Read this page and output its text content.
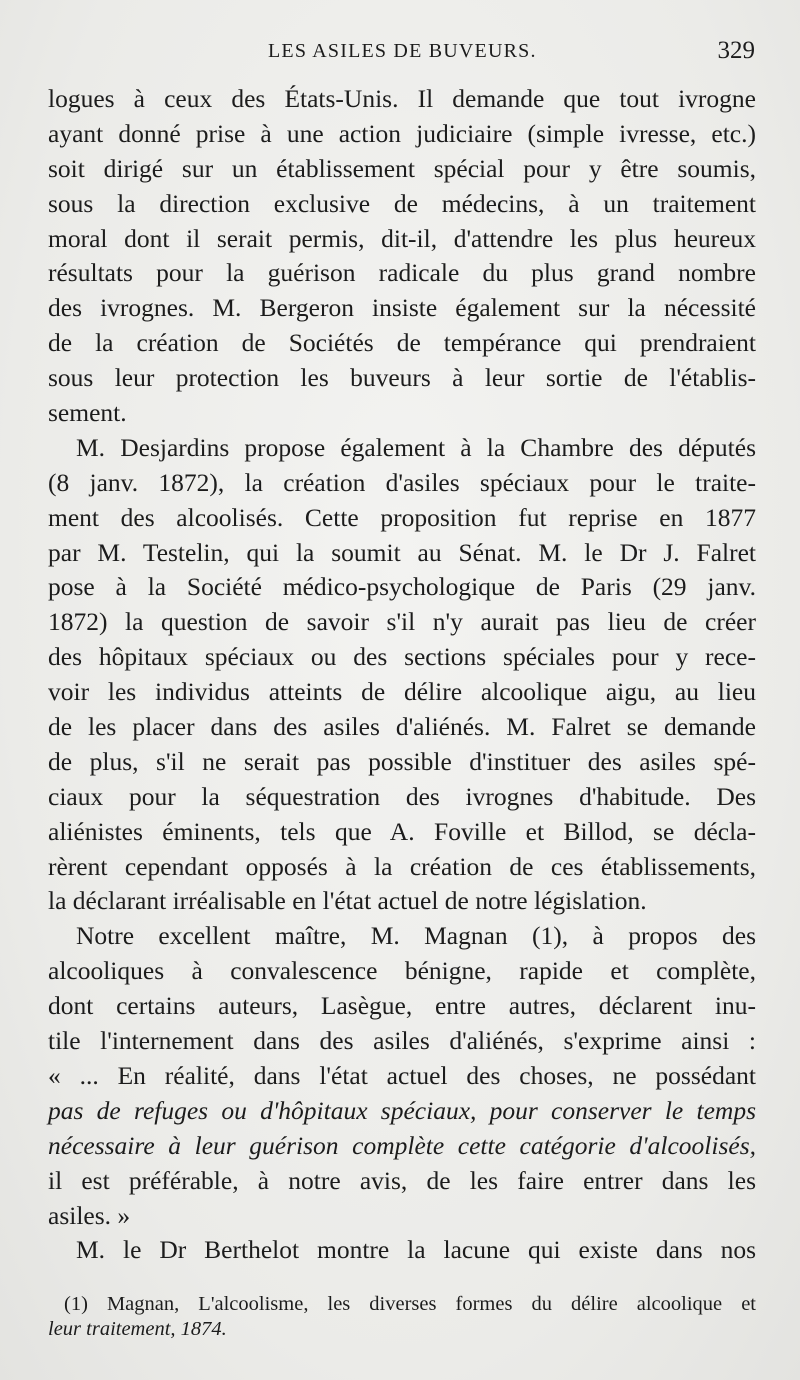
LES ASILES DE BUVEURS.	329
logues à ceux des États-Unis. Il demande que tout ivrogne
ayant donné prise à une action judiciaire (simple ivresse, etc.)
soit dirigé sur un établissement spécial pour y être soumis,
sous la direction exclusive de médecins, à un traitement
moral dont il serait permis, dit-il, d'attendre les plus heureux
résultats pour la guérison radicale du plus grand nombre
des ivrognes. M. Bergeron insiste également sur la nécessité
de la création de Sociétés de tempérance qui prendraient
sous leur protection les buveurs à leur sortie de l'établis-
sement.
M. Desjardins propose également à la Chambre des députés
(8 janv. 1872), la création d'asiles spéciaux pour le traite-
ment des alcoolisés. Cette proposition fut reprise en 1877
par M. Testelin, qui la soumit au Sénat. M. le Dr J. Falret
pose à la Société médico-psychologique de Paris (29 janv.
1872) la question de savoir s'il n'y aurait pas lieu de créer
des hôpitaux spéciaux ou des sections spéciales pour y rece-
voir les individus atteints de délire alcoolique aigu, au lieu
de les placer dans des asiles d'aliénés. M. Falret se demande
de plus, s'il ne serait pas possible d'instituer des asiles spé-
ciaux pour la séquestration des ivrognes d'habitude. Des
aliénistes éminents, tels que A. Foville et Billod, se décla-
rèrent cependant opposés à la création de ces établissements,
la déclarant irréalisable en l'état actuel de notre législation.
Notre excellent maître, M. Magnan (1), à propos des
alcooliques à convalescence bénigne, rapide et complète,
dont certains auteurs, Lasègue, entre autres, déclarent inu-
tile l'internement dans des asiles d'aliénés, s'exprime ainsi :
« ... En réalité, dans l'état actuel des choses, ne possédant
pas de refuges ou d'hôpitaux spéciaux, pour conserver le temps
nécessaire à leur guérison complète cette catégorie d'alcoolisés,
il est préférable, à notre avis, de les faire entrer dans les
asiles. »
M. le Dr Berthelot montre la lacune qui existe dans nos
(1) Magnan, L'alcoolisme, les diverses formes du délire alcoolique et
leur traitement, 1874.
